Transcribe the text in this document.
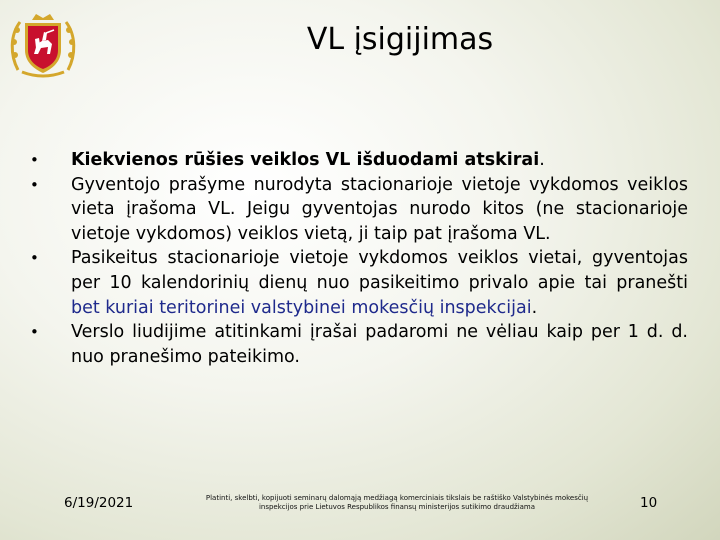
VL įsigijimas
• Kiekvienos rūšies veiklos VL išduodami atskirai.
• Gyventojo prašyme nurodyta stacionarioje vietoje vykdomos veiklos vieta įrašoma VL. Jeigu gyventojas nurodo kitos (ne stacionarioje vietoje vykdomos) veiklos vietą, ji taip pat įrašoma VL.
• Pasikeitus stacionarioje vietoje vykdomos veiklos vietai, gyventojas per 10 kalendorinių dienų nuo pasikeitimo privalo apie tai pranešti bet kuriai teritorinei valstybinei mokesčių inspekcijai.
• Verslo liudijime atitinkami įrašai padaromi ne vėliau kaip per 1 d. d. nuo pranešimo pateikimo.
6/19/2021	Platinti, skelbti, kopijuoti seminarų dalomąją medžiagą komerciniais tikslais be raštiško Valstybinės mokesčių inspekcijos prie Lietuvos Respublikos finansų ministerijos sutikimo draudžiama	10
